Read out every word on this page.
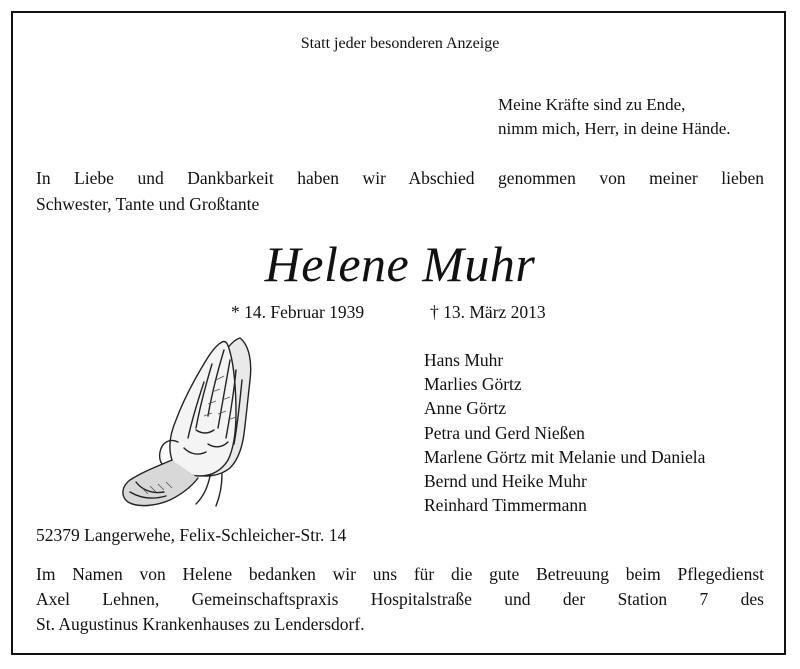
Statt jeder besonderen Anzeige
Meine Kräfte sind zu Ende,
nimm mich, Herr, in deine Hände.
In Liebe und Dankbarkeit haben wir Abschied genommen von meiner lieben
Schwester, Tante und Großtante
Helene Muhr
* 14. Februar 1939	† 13. März 2013
Hans Muhr
Marlies Görtz
Anne Görtz
Petra und Gerd Nießen
Marlene Görtz mit Melanie und Daniela
Bernd und Heike Muhr
Reinhard Timmermann
52379 Langerwehe, Felix-Schleicher-Str. 14
Im Namen von Helene bedanken wir uns für die gute Betreuung beim Pflegedienst
Axel Lehnen, Gemeinschaftspraxis Hospitalstraße und der Station 7 des
St. Augustinus Krankenhauses zu Lendersdorf.
